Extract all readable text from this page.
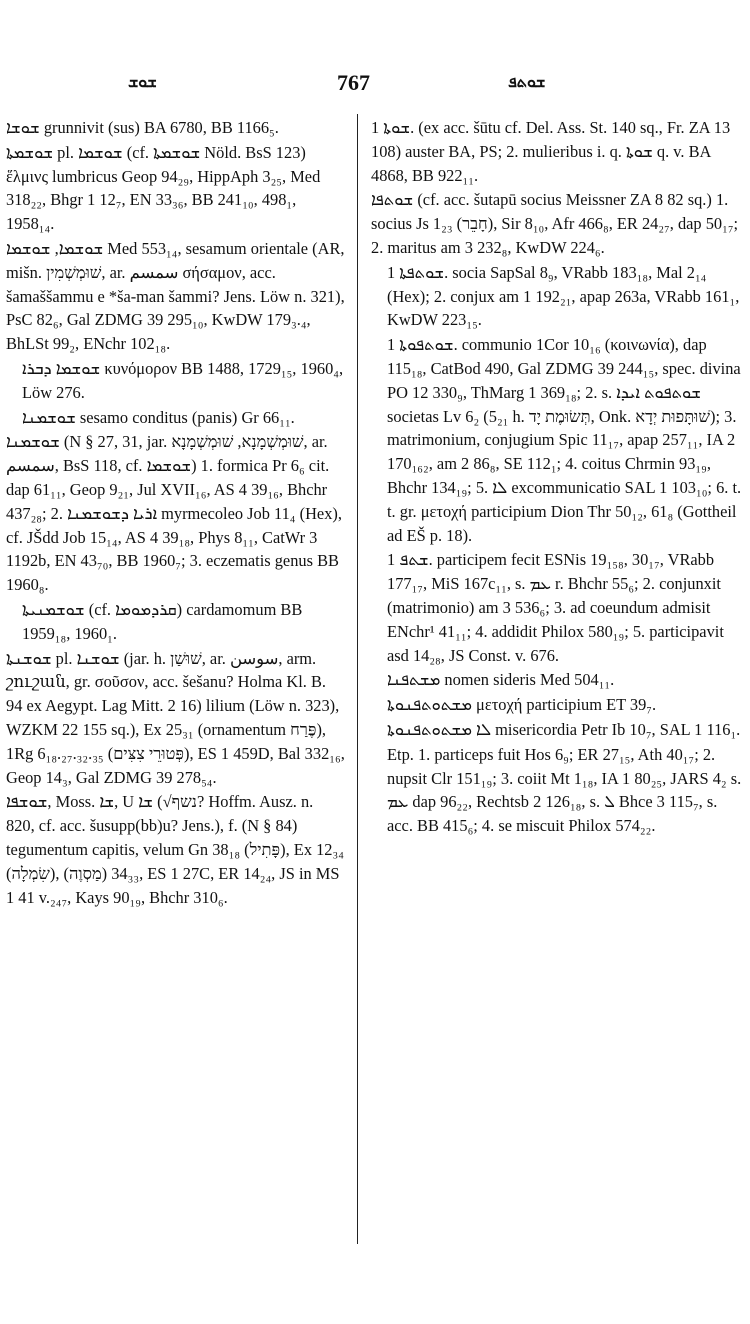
ܫܘܫ	767	ܫܘܬܦ

ܫܘܫܐ grunnivit (sus) BA 6780, BB 1166₅.

ܫܘܫܡܬܐ pl. ܫܘܫܡܐ (cf. ܫܘܫܡܬܐ Nöld. BsS 123) ἕλμινς lumbricus Geop 94₂₉, HippAph 3₂₅, Med 318₂₂, Bhgr 1 12₇, EN 33₃₆, BB 241₁₀, 498₁, 1958₁₄.

ܫܘܫܡܐ, ܫܘܫܡܐ Med 553₁₄, sesamum orientale (AR, mišn. שׁוּמְשְׁמִין, ar. سمسم σήσαμον, acc. šamaššammu e *ša-man šammi? Jens. Löw n. 321), PsC 82₆, Gal ZDMG 39 295₁₀, KwDW 179₃.₄, BhLSt 99₂, ENchr 102₁₈.

ܫܘܫܡܐ ܕܒܪܐ κυνόμορον BB 1488, 1729₁₅, 1960₄, Löw 276.

ܫܘܫܡܢܐ sesamo conditus (panis) Gr 66₁₁.

ܫܘܫܡܢܐ (N § 27, 31, jar. שׁוּמְשְׁמָנָא, שׁוּמְשְׁמָנָא, ar. سمسم, BsS 118, cf. ܫܘܫܡܐ) 1. formica Pr 6₆ cit. dap 61₁₁, Geop 9₂₁, Jul XVII₁₆, AS 4 39₁₆, Bhchr 437₂₈; 2. ܐܪܝܐ ܕܫܘܫܡܢܐ myrmecoleo Job 11₄ (Hex), cf. JŠdd Job 15₁₄, AS 4 39₁₈, Phys 8₁₁, CatWr 3 1192b, EN 43₇₀, BB 1960₇; 3. eczematis genus BB 1960₈.

ܫܘܫܡܢܝܬܐ (cf. ܩܪܕܡܘܡܐ) cardamomum BB 1959₁₈, 1960₁.

ܫܘܫܢܬܐ pl. ܫܘܫܢܐ (jar. h. שׁוּשַׁן, ar. سوسن, arm. շուշան, gr. σοῦσον, acc. šešanu? Holma Kl. B. 94 ex Aegypt. Lag Mitt. 2 16) lilium (Löw n. 323), WZKM 22 155 sq.), Ex 25₃₁ (ornamentum פֶּרַח), 1Rg 6₁₈.₂₇.₃₂.₃₅ (פְּטוּרֵי צִצִּים), ES 1 459D, Bal 332₁₆, Geop 14₃, Gal ZDMG 39 278₅₄.

ܫܘܫܦܐ, Moss. ܫܐ, U ܫܐ (√נשף? Hoffm. Ausz. n. 820, cf. acc. šusupp(bb)u? Jens.), f. (N § 84) tegumentum capitis, velum Gn 38₁₈ (פָּתִיל), Ex 12₃₄ (שִׂמְלָה), 34₃₃ (מַסְוֶה), ES 1 27C, ER 14₂₄, JS in MS 1 41 v.₂₄₇, Kays 90₁₉, Bhchr 310₆.

ܫܘܬܐ 1. (ex acc. šūtu cf. Del. Ass. St. 140 sq., Fr. ZA 13 108) auster BA, PS; 2. mulieribus i. q. ܫܘܬܐ q. v. BA 4868, BB 922₁₁.

ܫܘܬܦܐ (cf. acc. šutapū socius Meissner ZA 8 82 sq.) 1. socius Js 1₂₃ (חָבֵר), Sir 8₁₀, Afr 466₈, ER 24₂₇, dap 50₁₇; 2. maritus am 3 232₈, KwDW 224₆.

ܫܘܬܦܬܐ 1. socia SapSal 8₉, VRabb 183₁₈, Mal 2₁₄ (Hex); 2. conjux am 1 192₂₁, apap 263a, VRabb 161₁, KwDW 223₁₅.

ܫܘܬܦܘܬܐ 1. communio 1Cor 10₁₆ (κοινωνία), dap 115₁₈, CatBod 490, Gal ZDMG 39 244₁₅, spec. divina PO 12 330₉, ThMarg 1 369₁₈; 2. s. ܫܘܬܦܘܬ ܐܝܕܐ societas Lv 6₂ (5₂₁ h. תְּשׂוּמֶת יָד, Onk. שׁוּתָּפוּת יְדָא); 3. matrimonium, conjugium Spic 11₁₇, apap 257₁₁, IA 2 170₁₆₂, am 2 86₈, SE 112₁; 4. coitus Chrmin 93₁₉, Bhchr 134₁₉; 5. ܠܐ excommunicatio SAL 1 103₁₀; 6. t. t. gr. μετοχή participium Dion Thr 50₁₂, 61₈ (Gottheil ad EŠ p. 18).

ܫܬܦ 1. participem fecit ESNis 19₁₅₈, 30₁₇, VRabb 177₁₇, MiS 167c₁₁, s. ܥܡ r. Bhchr 55₆; 2. conjunxit (matrimonio) am 3 536₆; 3. ad coeundum admisit ENchr¹ 41₁₁; 4. addidit Philox 580₁₉; 5. participavit asd 14₂₈, JS Const. v. 676.

ܡܫܬܦܢܐ nomen sideris Med 504₁₁.

ܡܫܬܘܬܦܢܘܬܐ μετοχή participium ET 39₇.

ܠܐ ܡܫܬܘܬܦܢܘܬܐ misericordia Petr Ib 10₇, SAL 1 116₁.

Etp. 1. particeps fuit Hos 6₉; ER 27₁₅, Ath 40₁₇; 2. nupsit Clr 151₁₉; 3. coiit Mt 1₁₈, IA 1 80₂₅, JARS 4₂ s. ܥܡ dap 96₂₂, Rechtsb 2 126₁₈, s. ܠ Bhce 3 115₇, s. acc. BB 415₆; 4. se miscuit Philox 574₂₂.
